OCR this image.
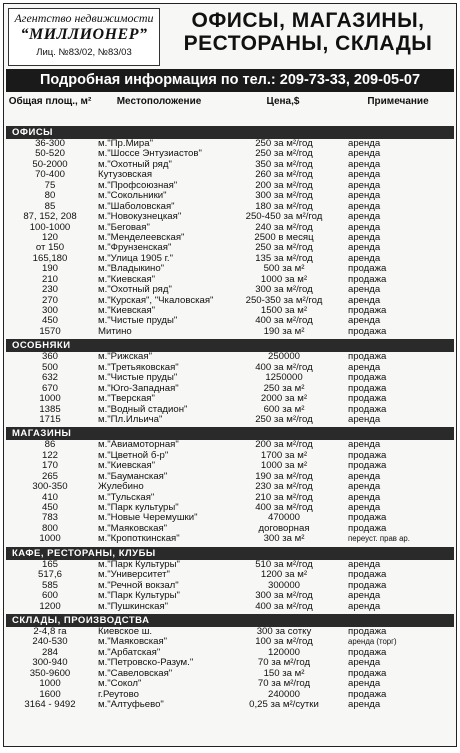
Агентство недвижимости
“МИЛЛИОНЕР”
Лиц. №83/02, №83/03
ОФИСЫ, МАГАЗИНЫ,
РЕСТОРАНЫ, СКЛАДЫ
Подробная информация по тел.: 209-73-33, 209-05-07
Общая площ., м²	Местоположение	Цена,$	Примечание
ОФИСЫ
36-300	м."Пр.Мира"	250 за м²/год	аренда
50-520	м."Шоссе Энтузиастов"	250 за м²/год	аренда
50-2000	м."Охотный ряд"	350 за м²/год	аренда
70-400	Кутузовская	260 за м²/год	аренда
75	м."Профсоюзная"	200 за м²/год	аренда
80	м."Сокольники"	300 за м²/год	аренда
85	м."Шаболовская"	180 за м²/год	аренда
87, 152, 208	м."Новокузнецкая"	250-450 за м²/год	аренда
100-1000	м."Беговая"	240 за м²/год	аренда
120	м."Менделеевская"	2500 в месяц	аренда
от 150	м."Фрунзенская"	250 за м²/год	аренда
165,180	м."Улица 1905 г."	135 за м²/год	аренда
190	м."Владыкино"	500 за м²	продажа
210	м."Киевская"	1000 за м²	продажа
230	м."Охотный ряд"	300 за м²/год	аренда
270	м."Курская", "Чкаловская"	250-350 за м²/год	аренда
300	м."Киевская"	1500 за м²	продажа
450	м."Чистые пруды"	400 за м²/год	аренда
1570	Митино	190 за м²	продажа
ОСОБНЯКИ
360	м."Рижская"	250000	продажа
500	м."Третьяковская"	400 за м²/год	аренда
632	м."Чистые пруды"	1250000	продажа
670	м."Юго-Западная"	250 за м²	продажа
1000	м."Тверская"	2000 за м²	продажа
1385	м."Водный стадион"	600 за м²	продажа
1715	м."Пл.Ильича"	250 за м²/год	аренда
МАГАЗИНЫ
86	м."Авиамоторная"	200 за м²/год	аренда
122	м."Цветной б-р"	1700 за м²	продажа
170	м."Киевская"	1000 за м²	продажа
265	м."Бауманская"	190 за м²/год	аренда
300-350	Жулебино	230 за м²/год	аренда
410	м."Тульская"	210 за м²/год	аренда
450	м."Парк культуры"	400 за м²/год	аренда
783	м."Новые Черемушки"	470000	продажа
800	м."Маяковская"	договорная	продажа
1000	м."Кропоткинская"	300 за м²	переуст. прав ар.
КАФЕ, РЕСТОРАНЫ, КЛУБЫ
165	м."Парк Культуры"	510 за м²/год	аренда
517,6	м."Университет"	1200 за м²	продажа
585	м."Речной вокзал"	300000	продажа
600	м."Парк Культуры"	300 за м²/год	аренда
1200	м."Пушкинская"	400 за м²/год	аренда
СКЛАДЫ, ПРОИЗВОДСТВА
2-4,8 га	Киевское ш.	300 за сотку	продажа
240-530	м."Маяковская"	100 за м²/год	аренда (торг)
284	м."Арбатская"	120000	продажа
300-940	м."Петровско-Разум."	70 за м²/год	аренда
350-9600	м."Савеловская"	150 за м²	продажа
1000	м."Сокол"	70 за м²/год	аренда
1600	г.Реутово	240000	продажа
3164 - 9492	м."Алтуфьево"	0,25 за м²/сутки	аренда
